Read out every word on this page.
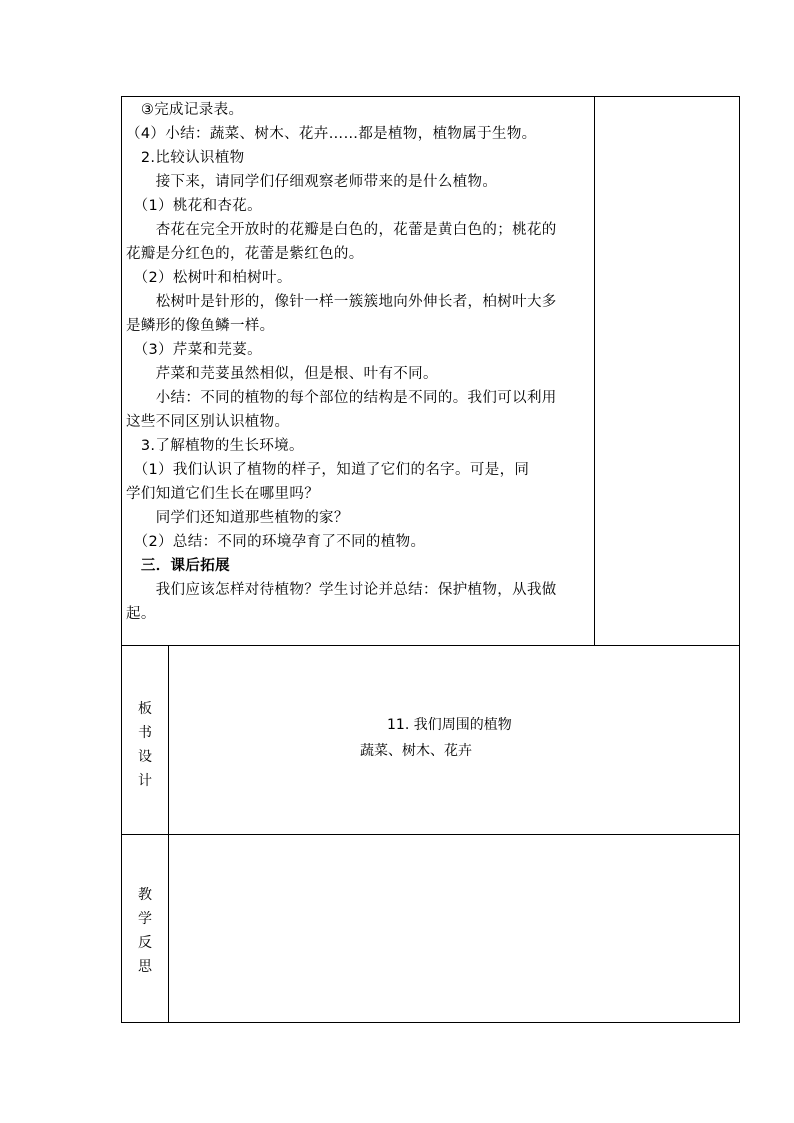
　③完成记录表。
（4）小结：蔬菜、树木、花卉……都是植物，植物属于生物。
　2.比较认识植物
　　接下来，请同学们仔细观察老师带来的是什么植物。
　（1）桃花和杏花。
　　杏花在完全开放时的花瓣是白色的，花蕾是黄白色的；桃花的
花瓣是分红色的，花蕾是紫红色的。
　（2）松树叶和柏树叶。
　　松树叶是针形的，像针一样一簇簇地向外伸长者，柏树叶大多
是鳞形的像鱼鳞一样。
　（3）芹菜和芫荽。
　　芹菜和芫荽虽然相似，但是根、叶有不同。
　　小结：不同的植物的每个部位的结构是不同的。我们可以利用
这些不同区别认识植物。
　3.了解植物的生长环境。
　（1）我们认识了植物的样子，知道了它们的名字。可是，同
学们知道它们生长在哪里吗？
　　同学们还知道那些植物的家？
　（2）总结：不同的环境孕育了不同的植物。
　三．课后拓展
　　我们应该怎样对待植物？学生讨论并总结：保护植物，从我做
起。
板
书
设
计
11. 我们周围的植物
蔬菜、树木、花卉
教
学
反
思
